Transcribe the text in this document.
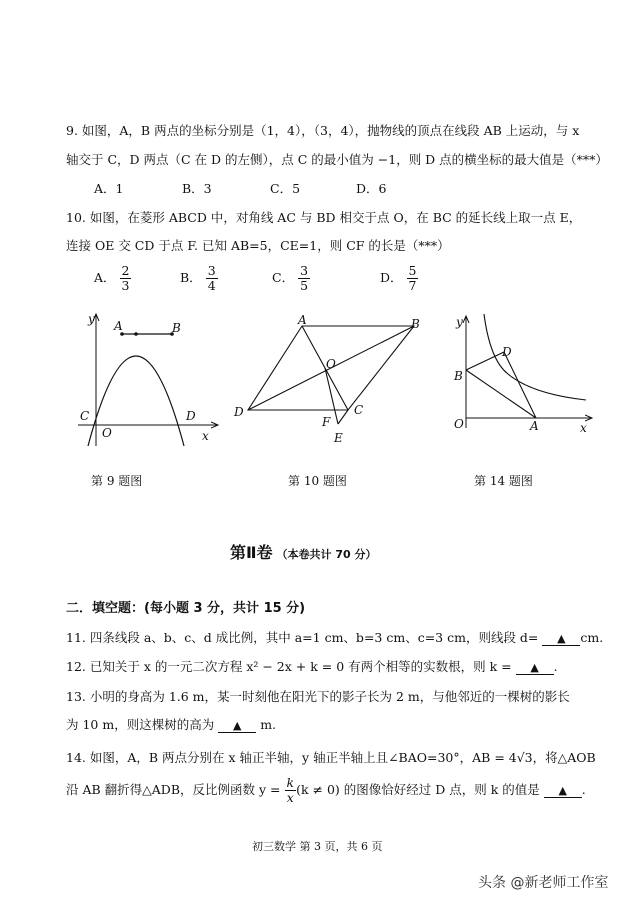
9. 如图，A，B 两点的坐标分别是（1，4），（3，4），抛物线的顶点在线段 AB 上运动，与 x
轴交于 C，D 两点（C 在 D 的左侧），点 C 的最小值为 −1，则 D 点的横坐标的最大值是（***）
A．1	B．3	C．5	D．6
10. 如图，在菱形 ABCD 中，对角线 AC 与 BD 相交于点 O，在 BC 的延长线上取一点 E，
连接 OE 交 CD 于点 F. 已知 AB=5，CE=1，则 CF 的长是（***）
A． $\frac{2}{3}$	B． $\frac{3}{4}$	C． $\frac{3}{5}$	D． $\frac{5}{7}$
y
x
A	B
C	D
O
第 9 题图
A	B
C
D
O
E
F
第 10 题图
y
x
B
D
O	A
第 14 题图
第Ⅱ卷 （本卷共计 70 分）
二．填空题：(每小题 3 分，共计 15 分)
11. 四条线段 a、b、c、d 成比例，其中 a=1 cm、b=3 cm、c=3 cm，则线段 d= ▲ cm.
12. 已知关于 x 的一元二次方程 x² − 2x + k = 0 有两个相等的实数根，则 k = ▲ .
13. 小明的身高为 1.6 m，某一时刻他在阳光下的影子长为 2 m，与他邻近的一棵树的影长
为 10 m，则这棵树的高为 ▲ m.
14. 如图，A，B 两点分别在 x 轴正半轴，y 轴正半轴上且∠BAO=30°，AB = 4√3，将△AOB
沿 AB 翻折得△ADB，反比例函数 $y = \frac{k}{x} (k \ne 0)$ 的图像恰好经过 D 点，则 k 的值是 ▲ .
初三数学 第 3 页，共 6 页
头条 @新老师工作室
